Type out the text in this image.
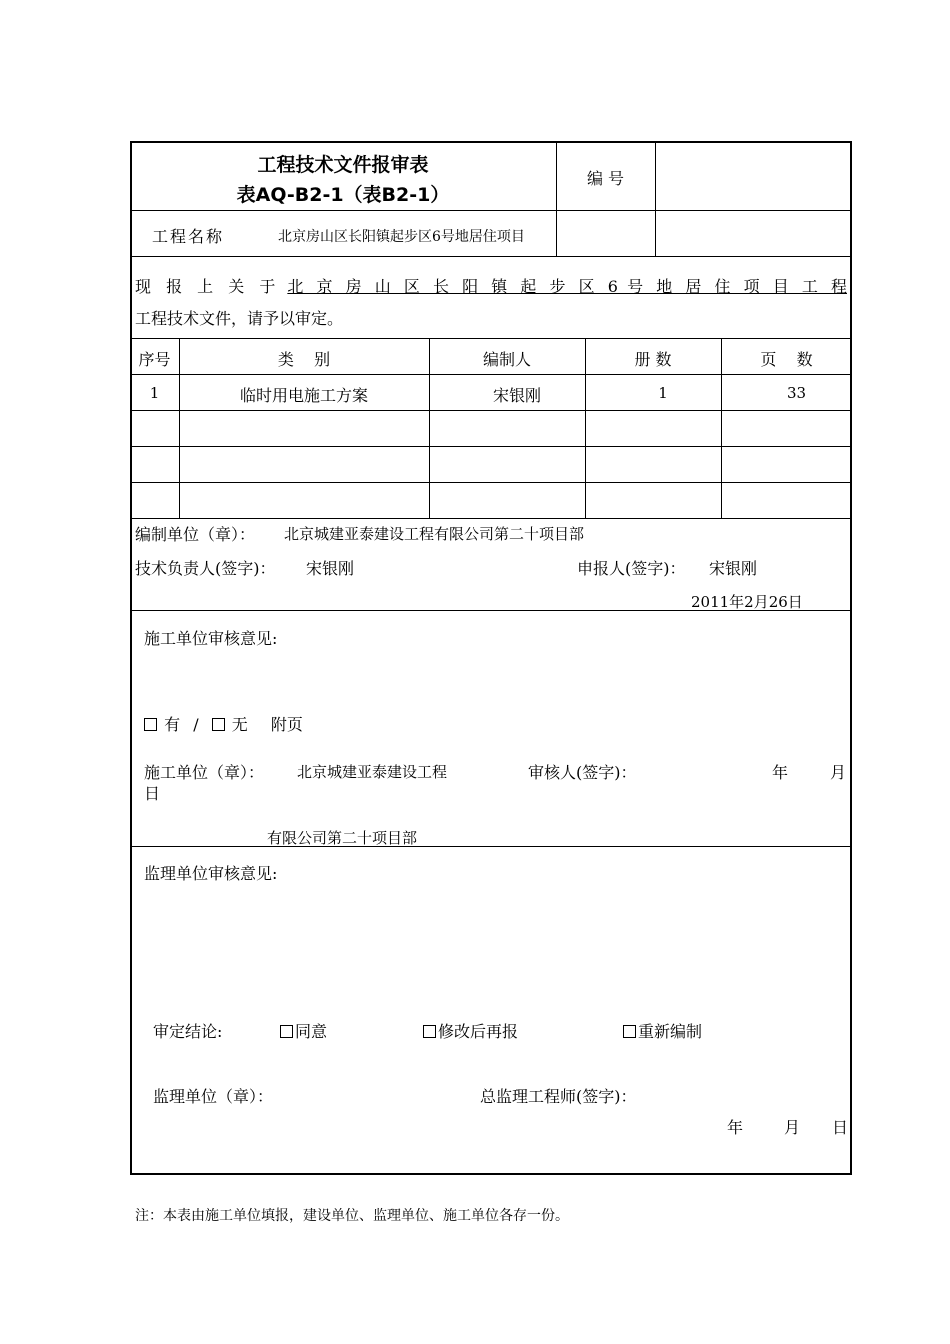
工程技术文件报审表
表AQ-B2-1（表B2-1）
编 号
工程名称	北京房山区长阳镇起步区6号地居住项目
现 报 上 关 于 北 京 房 山 区 长 阳 镇 起 步 区 6 号 地 居 住 项 目 工 程
工程技术文件，请予以审定。
序号	类    别	编制人	册 数	页    数
1	临时用电施工方案	宋银刚	1	33
编制单位（章）： 北京城建亚泰建设工程有限公司第二十项目部
技术负责人(签字)： 宋银刚	申报人(签字)： 宋银刚
2011年2月26日
施工单位审核意见:
有 / 无 附页
施工单位（章）： 北京城建亚泰建设工程	审核人(签字)：	年	月
日
有限公司第二十项目部
监理单位审核意见:
审定结论:	同意	修改后再报	重新编制
监理单位（章）：	总监理工程师(签字)：
年	月 日
注：本表由施工单位填报，建设单位、监理单位、施工单位各存一份。
